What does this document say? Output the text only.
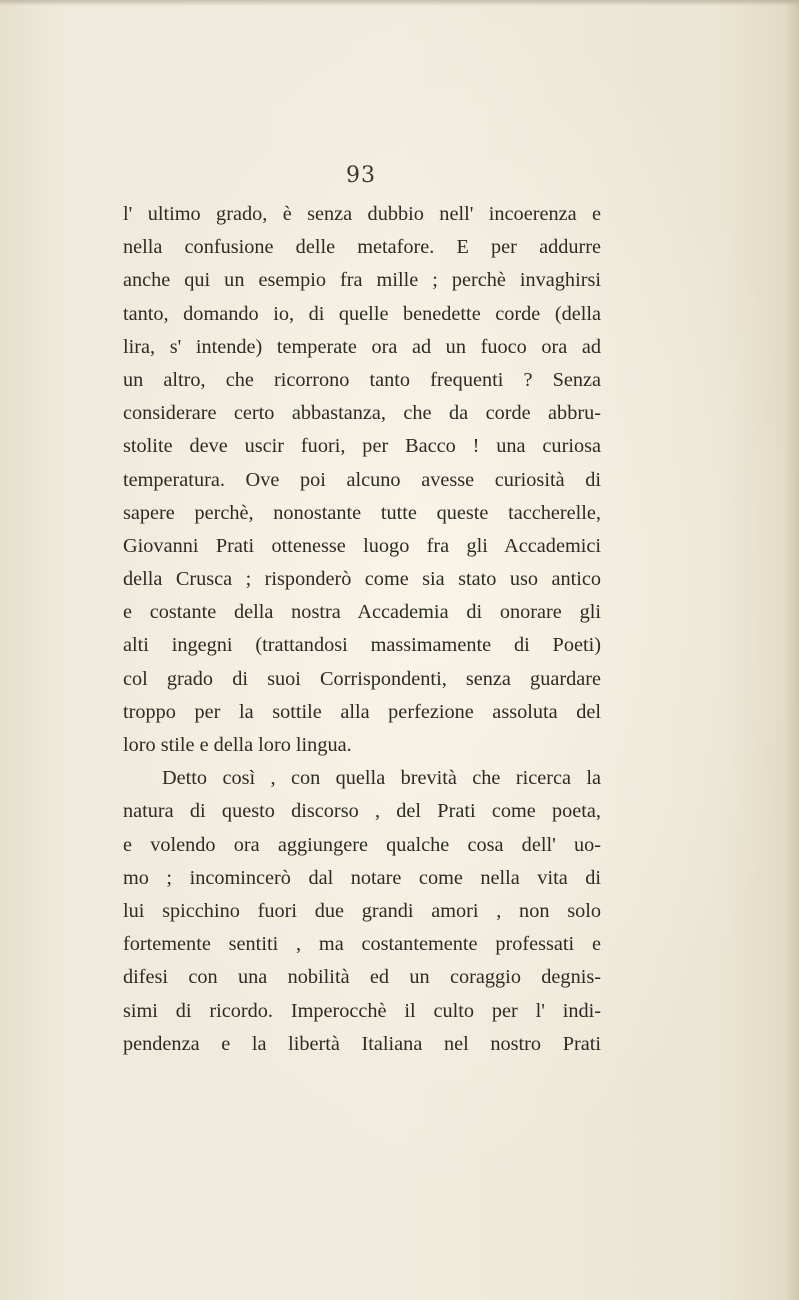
93
l' ultimo grado, è senza dubbio nell' incoerenza e
nella confusione delle metafore. E per addurre
anche qui un esempio fra mille ; perchè invaghirsi
tanto, domando io, di quelle benedette corde (della
lira, s' intende) temperate ora ad un fuoco ora ad
un altro, che ricorrono tanto frequenti ? Senza
considerare certo abbastanza, che da corde abbru-
stolite deve uscir fuori, per Bacco ! una curiosa
temperatura. Ove poi alcuno avesse curiosità di
sapere perchè, nonostante tutte queste taccherelle,
Giovanni Prati ottenesse luogo fra gli Accademici
della Crusca ; risponderò come sia stato uso antico
e costante della nostra Accademia di onorare gli
alti ingegni (trattandosi massimamente di Poeti)
col grado di suoi Corrispondenti, senza guardare
troppo per la sottile alla perfezione assoluta del
loro stile e della loro lingua.
Detto così , con quella brevità che ricerca la
natura di questo discorso , del Prati come poeta,
e volendo ora aggiungere qualche cosa dell' uo-
mo ; incomincerò dal notare come nella vita di
lui spicchino fuori due grandi amori , non solo
fortemente sentiti , ma costantemente professati e
difesi con una nobilità ed un coraggio degnis-
simi di ricordo. Imperocchè il culto per l' indi-
pendenza e la libertà Italiana nel nostro Prati
